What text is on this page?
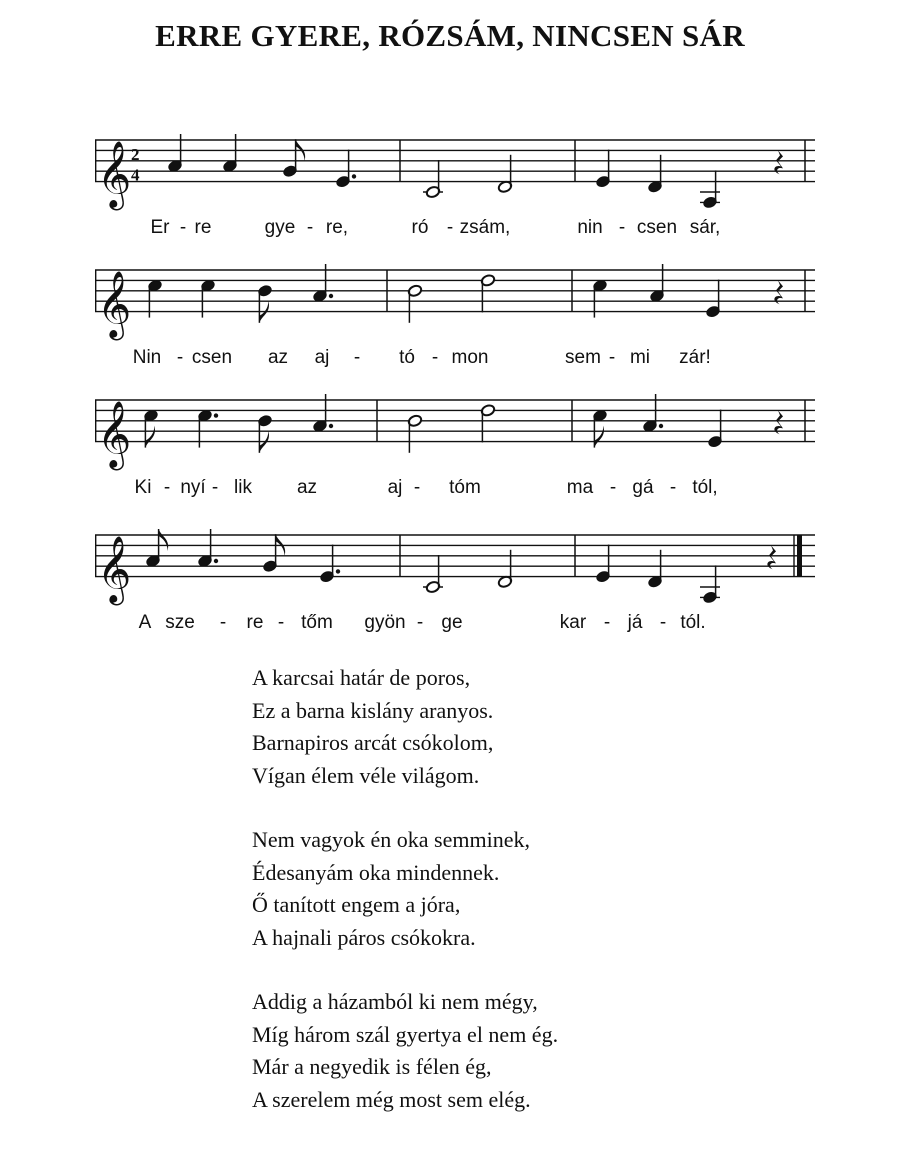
ERRE GYERE, RÓZSÁM, NINCSEN SÁR
𝄞 2
4
Er - re	gye - re,	ró - zsám,	nin - csen sár,
𝄞
Nin - csen az aj - tó - mon	sem - mi zár!
𝄞
Ki - nyí - lik az	aj - tóm	ma - gá - tól,
𝄞
A sze - re - tőm gyön - ge	kar - já - tól.
A karcsai határ de poros,
Ez a barna kislány aranyos.
Barnapiros arcát csókolom,
Vígan élem véle világom.
Nem vagyok én oka semminek,
Édesanyám oka mindennek.
Ő tanított engem a jóra,
A hajnali páros csókokra.
Addig a házamból ki nem mégy,
Míg három szál gyertya el nem ég.
Már a negyedik is félen ég,
A szerelem még most sem elég.
